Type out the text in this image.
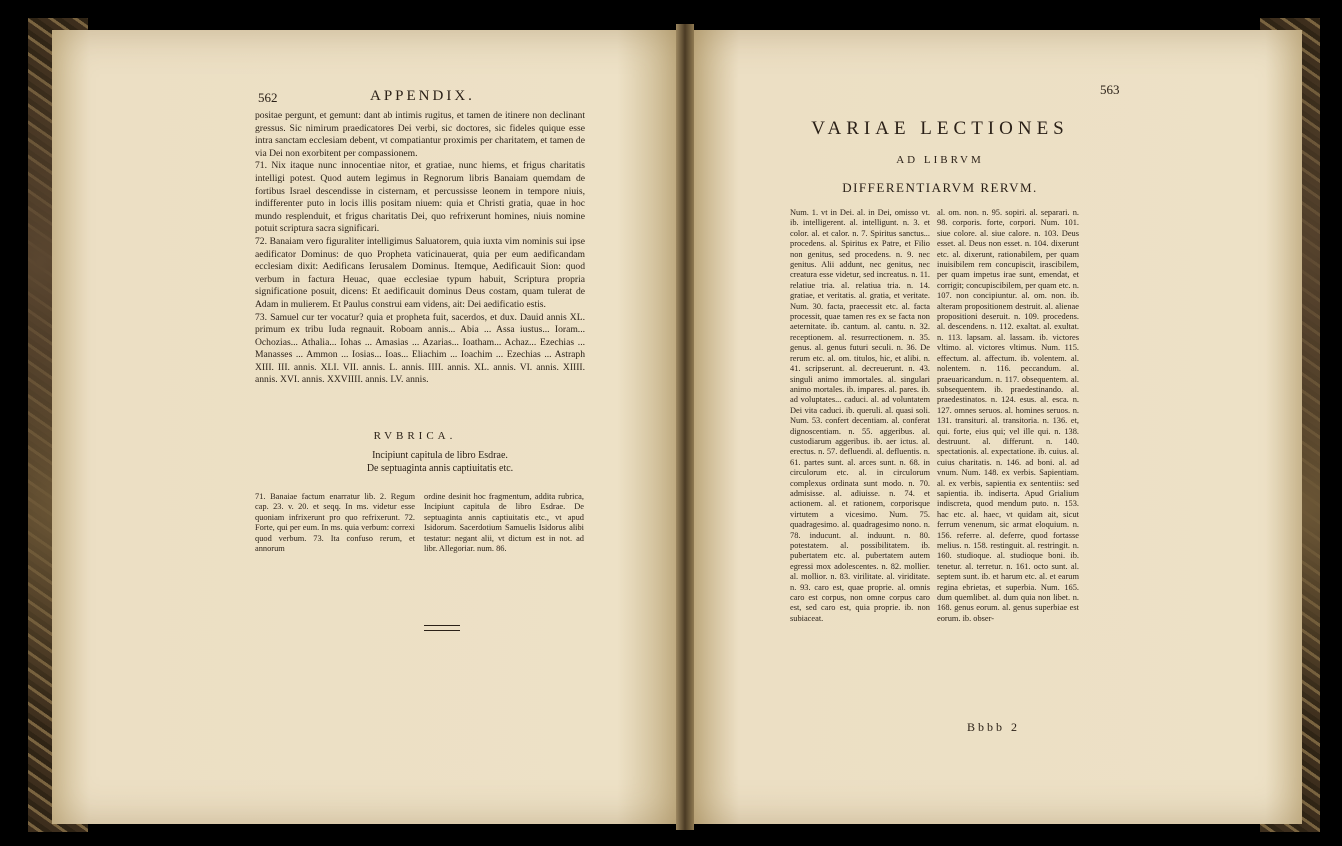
562	APPENDIX.
positae pergunt, et gemunt: dant ab intimis rugitus, et tamen de itinere non declinant gressus. Sic nimirum praedicatores Dei verbi, sic doctores, sic fideles quique esse intra sanctam ecclesiam debent, vt compatiantur proximis per charitatem, et tamen de via Dei non exorbitent per compassionem.
71. Nix itaque nunc innocentiae nitor, et gratiae, nunc hiems, et frigus charitatis intelligi potest. Quod autem legimus in Regnorum libris Banaiam quemdam de fortibus Israel descendisse in cisternam, et percussisse leonem in tempore niuis, indifferenter puto in locis illis positam niuem: quia et Christi gratia, quae in hoc mundo resplenduit, et frigus charitatis Dei, quo refrixerunt homines, niuis nomine potuit scriptura sacra significari.
72. Banaiam vero figuraliter intelligimus Saluatorem, quia iuxta vim nominis sui ipse aedificator Dominus: de quo Propheta vaticinauerat, quia per eum aedificandam ecclesiam dixit: Aedificans Ierusalem Dominus. Itemque, Aedificauit Sion: quod verbum in factura Heuac, quae ecclesiae typum habuit, Scriptura propria significatione posuit, dicens: Et aedificauit dominus Deus costam, quam tulerat de Adam in mulierem. Et Paulus construi eam videns, ait: Dei aedificatio estis.
73. Samuel cur ter vocatur? quia et propheta fuit, sacerdos, et dux. Dauid annis XL. primum ex tribu Iuda regnauit. Roboam annis... Abia ... Assa iustus... Ioram... Ochozias... Athalia... Iohas ... Amasias ... Azarias... Ioatham... Achaz... Ezechias ... Manasses ... Ammon ... Iosias... Ioas... Eliachim ... Ioachim ... Ezechias ... Astraph XIII. III. annis. XLI. VII. annis. L. annis. IIII. annis. XL. annis. VI. annis. XIIII. annis. XVI. annis. XXVIIII. annis. LV. annis.
RVBRICA.
Incipiunt capitula de libro Esdrae.
De septuaginta annis captiuitatis etc.
71. Banaiae factum enarratur lib. 2. Regum cap. 23. v. 20. et seqq. In ms. videtur esse quoniam infrixerunt pro quo refrixerunt. 72. Forte, qui per eum. In ms. quia verbum: correxi quod verbum. 73. Ita confuso rerum, et annorum
ordine desinit hoc fragmentum, addita rubrica, Incipiunt capitula de libro Esdrae. De septuaginta annis captiuitatis etc., vt apud Isidorum. Sacerdotium Samuelis Isidorus alibi testatur: negant alii, vt dictum est in not. ad libr. Allegoriar. num. 86.
563
VARIAE LECTIONES
AD LIBRVM
DIFFERENTIARVM RERVM.
Num. 1. vt in Dei. al. in Dei, omisso vt. ib. intelligerent. al. intelligunt. n. 3. et color. al. et calor. n. 7. Spiritus sanctus... procedens. al. Spiritus ex Patre, et Filio non genitus, sed procedens. n. 9. nec genitus. Alii addunt, nec genitus, nec creatura esse videtur, sed increatus. n. 11. relatiue tria. al. relatiua tria. n. 14. gratiae, et veritatis. al. gratia, et veritate. Num. 30. facta, praecessit etc. al. facta processit, quae tamen res ex se facta non aeternitate. ib. cantum. al. cantu. n. 32. receptionem. al. resurrectionem. n. 35. genus. al. genus futuri seculi. n. 36. De rerum etc. al. om. titulos, hic, et alibi. n. 41. scripserunt. al. decreuerunt. n. 43. singuli animo immortales. al. singulari animo mortales. ib. impares. al. pares. ib. ad voluptates... caduci. al. ad voluntatem Dei vita caduci. ib. queruli. al. quasi soli. Num. 53. confert decentiam. al. conferat dignoscentiam. n. 55. aggeribus. al. custodiarum aggeribus. ib. aer ictus. al. erectus. n. 57. defluendi. al. defluentis. n. 61. partes sunt. al. arces sunt. n. 68. in circulorum etc. al. in circulorum complexus ordinata sunt modo. n. 70. admisisse. al. adiuisse. n. 74. et actionem. al. et rationem, corporisque virtutem a vicesimo. Num. 75. quadragesimo. al. quadragesimo nono. n. 78. inducunt. al. induunt. n. 80. potestatem. al. possibilitatem. ib. pubertatem etc. al. pubertatem autem egressi mox adolescentes. n. 82. mollier. al. mollior. n. 83. virilitate. al. viriditate. n. 93. caro est, quae proprie. al. omnis caro est corpus, non omne corpus caro est, sed caro est, quia proprie. ib. non subiaceat.
al. om. non. n. 95. sopiri. al. separari. n. 98. corporis. forte, corpori. Num. 101. siue colore. al. siue calore. n. 103. Deus esset. al. Deus non esset. n. 104. dixerunt etc. al. dixerunt, rationabilem, per quam inuisibilem rem concupiscit, irascibilem, per quam impetus irae sunt, emendat, et corrigit; concupiscibilem, per quam etc. n. 107. non concipiuntur. al. om. non. ib. alteram propositionem destruit. al. alienae propositioni deseruit. n. 109. procedens. al. descendens. n. 112. exaltat. al. exultat. n. 113. lapsam. al. lassam. ib. victores vltimo. al. victores vltimus. Num. 115. effectum. al. affectum. ib. volentem. al. nolentem. n. 116. peccandum. al. praeuaricandum. n. 117. obsequentem. al. subsequentem. ib. praedestinando. al. praedestinatos. n. 124. esus. al. esca. n. 127. omnes seruos. al. homines seruos. n. 131. transituri. al. transitoria. n. 136. et, qui. forte, eius qui; vel ille qui. n. 138. destruunt. al. differunt. n. 140. spectationis. al. expectatione. ib. cuius. al. cuius charitatis. n. 146. ad boni. al. ad vnum. Num. 148. ex verbis. Sapientiam. al. ex verbis, sapientia ex sententiis: sed sapientia. ib. indiserta. Apud Grialium indiscreta, quod mendum puto. n. 153. hac etc. al. haec, vt quidam ait, sicut ferrum venenum, sic armat eloquium. n. 156. referre. al. deferre, quod fortasse melius. n. 158. restinguit. al. restringit. n. 160. studioque. al. studioque boni. ib. tenetur. al. terretur. n. 161. octo sunt. al. septem sunt. ib. et harum etc. al. et earum regina ebrietas, et superbia. Num. 165. dum quemlibet. al. dum quia non libet. n. 168. genus eorum. al. genus superbiae est eorum. ib. obser-
Bbbb 2
